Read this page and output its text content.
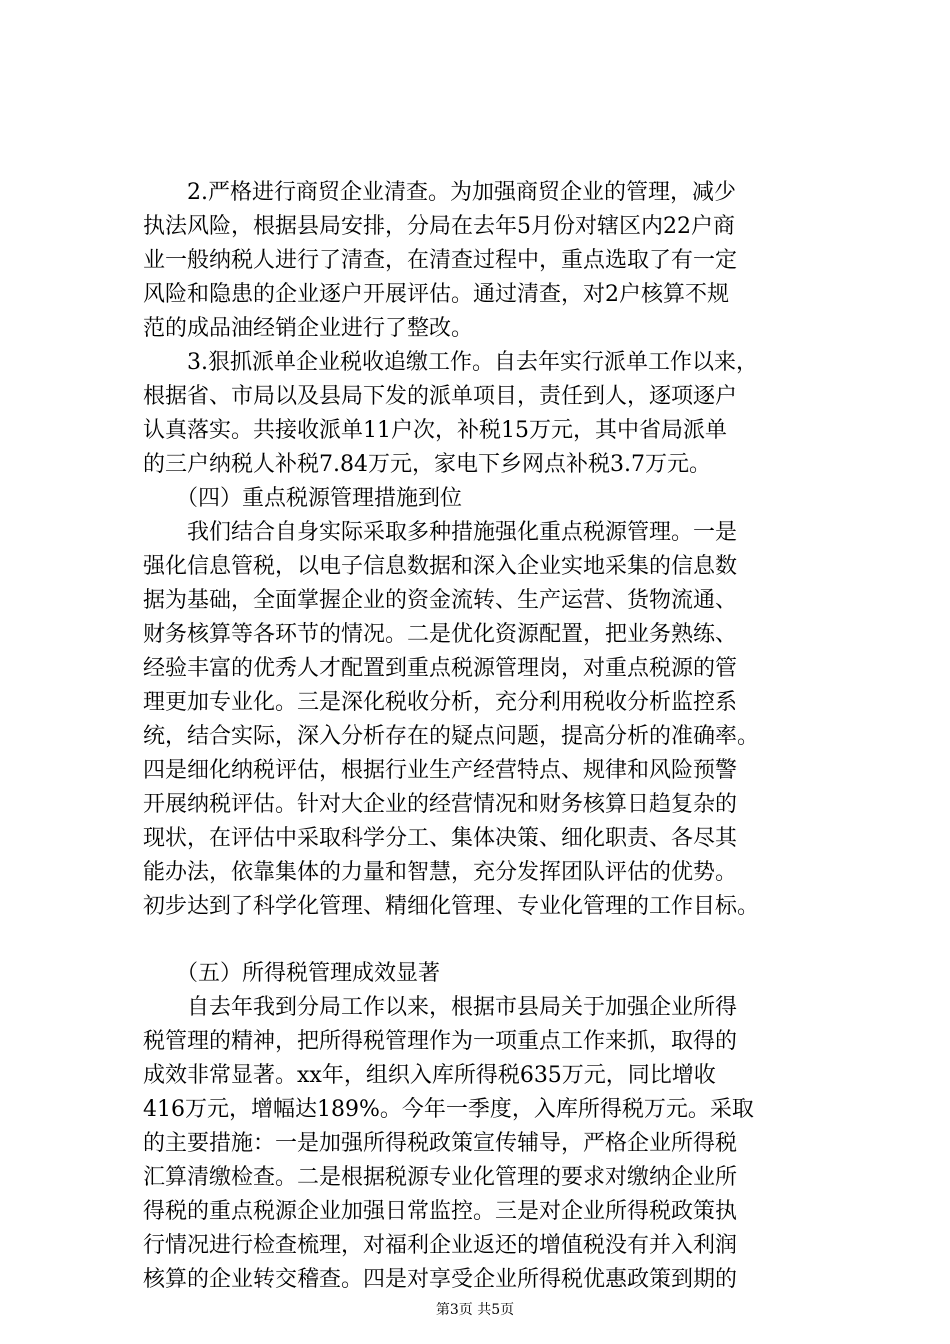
　　2.严格进行商贸企业清查。为加强商贸企业的管理，减少
执法风险，根据县局安排，分局在去年5月份对辖区内22户商
业一般纳税人进行了清查，在清查过程中，重点选取了有一定
风险和隐患的企业逐户开展评估。通过清查，对2户核算不规
范的成品油经销企业进行了整改。
　　3.狠抓派单企业税收追缴工作。自去年实行派单工作以来，
根据省、市局以及县局下发的派单项目，责任到人，逐项逐户
认真落实。共接收派单11户次，补税15万元，其中省局派单
的三户纳税人补税7.84万元，家电下乡网点补税3.7万元。
　　（四）重点税源管理措施到位
　　我们结合自身实际采取多种措施强化重点税源管理。一是
强化信息管税，以电子信息数据和深入企业实地采集的信息数
据为基础，全面掌握企业的资金流转、生产运营、货物流通、
财务核算等各环节的情况。二是优化资源配置，把业务熟练、
经验丰富的优秀人才配置到重点税源管理岗，对重点税源的管
理更加专业化。三是深化税收分析，充分利用税收分析监控系
统，结合实际，深入分析存在的疑点问题，提高分析的准确率。
四是细化纳税评估，根据行业生产经营特点、规律和风险预警
开展纳税评估。针对大企业的经营情况和财务核算日趋复杂的
现状，在评估中采取科学分工、集体决策、细化职责、各尽其
能办法，依靠集体的力量和智慧，充分发挥团队评估的优势。
初步达到了科学化管理、精细化管理、专业化管理的工作目标。
　　（五）所得税管理成效显著
　　自去年我到分局工作以来，根据市县局关于加强企业所得
税管理的精神，把所得税管理作为一项重点工作来抓，取得的
成效非常显著。xx年，组织入库所得税635万元，同比增收
416万元，增幅达189%。今年一季度，入库所得税万元。采取
的主要措施：一是加强所得税政策宣传辅导，严格企业所得税
汇算清缴检查。二是根据税源专业化管理的要求对缴纳企业所
得税的重点税源企业加强日常监控。三是对企业所得税政策执
行情况进行检查梳理，对福利企业返还的增值税没有并入利润
核算的企业转交稽查。四是对享受企业所得税优惠政策到期的
第3页 共5页
